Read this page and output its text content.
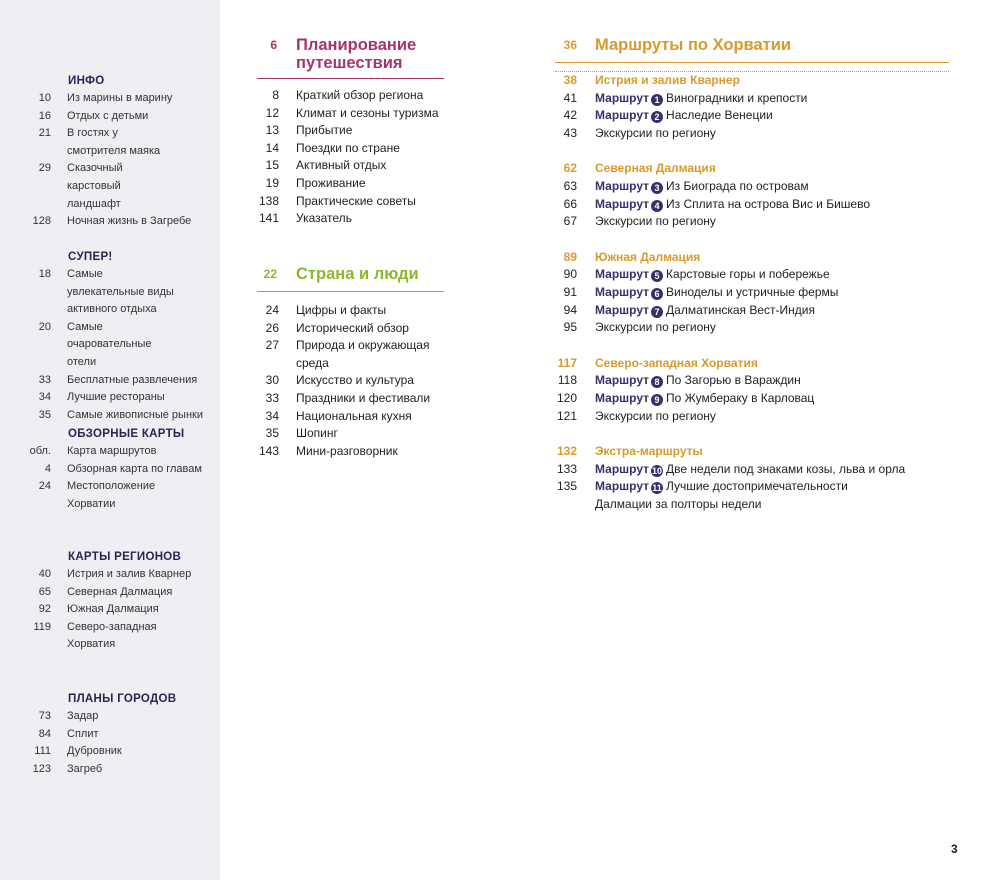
ИНФО
10 Из марины в марину
16 Отдых с детьми
21 В гостях у смотрителя маяка
29 Сказочный карстовый ландшафт
128 Ночная жизнь в Загребе
СУПЕР!
18 Самые увлекательные виды активного отдыха
20 Самые очаровательные отели
33 Бесплатные развлечения
34 Лучшие рестораны
35 Самые живописные рынки
ОБЗОРНЫЕ КАРТЫ
обл. Карта маршрутов
4 Обзорная карта по главам
24 Местоположение Хорватии
КАРТЫ РЕГИОНОВ
40 Истрия и залив Кварнер
65 Северная Далмация
92 Южная Далмация
119 Северо-западная Хорватия
ПЛАНЫ ГОРОДОВ
73 Задар
84 Сплит
111 Дубровник
123 Загреб
6 Планирование путешествия
8 Краткий обзор региона
12 Климат и сезоны туризма
13 Прибытие
14 Поездки по стране
15 Активный отдых
19 Проживание
138 Практические советы
141 Указатель
22 Страна и люди
24 Цифры и факты
26 Исторический обзор
27 Природа и окружающая среда
30 Искусство и культура
33 Праздники и фестивали
34 Национальная кухня
35 Шопинг
143 Мини-разговорник
36 Маршруты по Хорватии
38 Истрия и залив Кварнер
41 Маршрут 1 Виноградники и крепости
42 Маршрут 2 Наследие Венеции
43 Экскурсии по региону
62 Северная Далмация
63 Маршрут 3 Из Биограда по островам
66 Маршрут 4 Из Сплита на острова Вис и Бишево
67 Экскурсии по региону
89 Южная Далмация
90 Маршрут 5 Карстовые горы и побережье
91 Маршрут 6 Виноделы и устричные фермы
94 Маршрут 7 Далматинская Вест-Индия
95 Экскурсии по региону
117 Северо-западная Хорватия
118 Маршрут 8 По Загорью в Вараждин
120 Маршрут 9 По Жумбераку в Карловац
121 Экскурсии по региону
132 Экстра-маршруты
133 Маршрут 10 Две недели под знаками козы, льва и орла
135 Маршрут 11 Лучшие достопримечательности Далмации за полторы недели
3
